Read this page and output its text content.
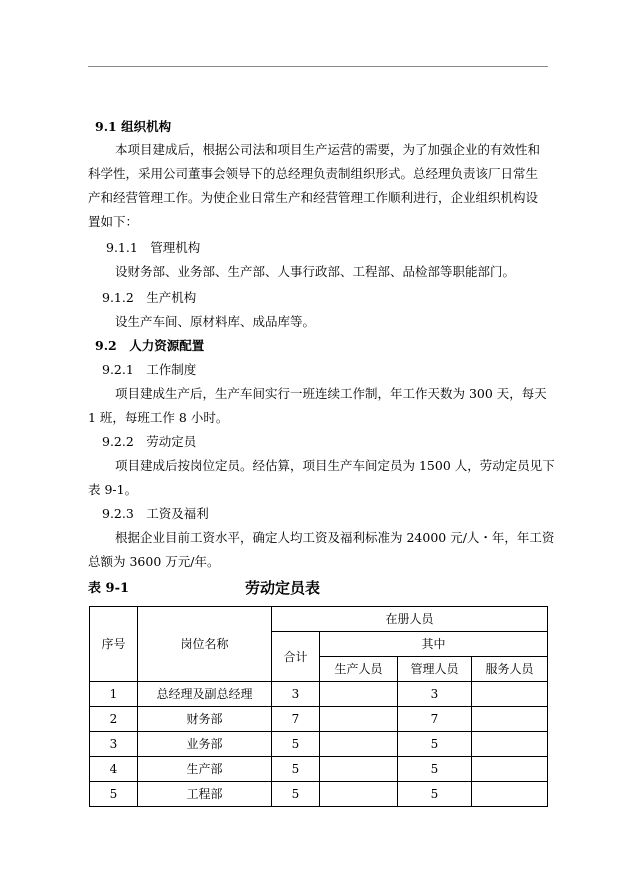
9.1 组织机构
本项目建成后，根据公司法和项目生产运营的需要，为了加强企业的有效性和
科学性，采用公司董事会领导下的总经理负责制组织形式。总经理负责该厂日常生
产和经营管理工作。为使企业日常生产和经营管理工作顺利进行，企业组织机构设
置如下：
9.1.1　管理机构
设财务部、业务部、生产部、人事行政部、工程部、品检部等职能部门。
9.1.2　生产机构
设生产车间、原材料库、成品库等。
9.2　人力资源配置
9.2.1　工作制度
项目建成生产后，生产车间实行一班连续工作制，年工作天数为 300 天，每天
1 班，每班工作 8 小时。
9.2.2　劳动定员
项目建成后按岗位定员。经估算，项目生产车间定员为 1500 人，劳动定员见下
表 9-1。
9.2.3　工资及福利
根据企业目前工资水平，确定人均工资及福利标准为 24000 元/人・年，年工资
总额为 3600 万元/年。
表 9-1	劳动定员表
序号	岗位名称	在册人员			
		合计	其中		
			生产人员	管理人员	服务人员
1	总经理及副总经理	3		3	
2	财务部	7		7	
3	业务部	5		5	
4	生产部	5		5	
5	工程部	5		5	
